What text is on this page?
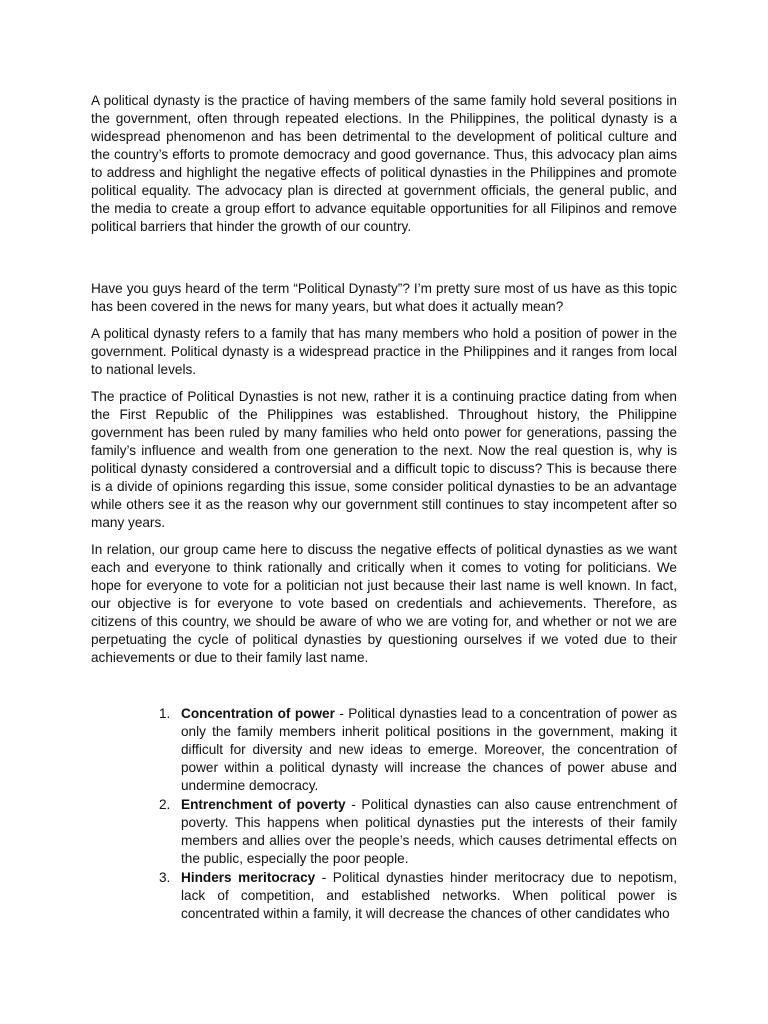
A political dynasty is the practice of having members of the same family hold several positions in the government, often through repeated elections. In the Philippines, the political dynasty is a widespread phenomenon and has been detrimental to the development of political culture and the country’s efforts to promote democracy and good governance. Thus, this advocacy plan aims to address and highlight the negative effects of political dynasties in the Philippines and promote political equality. The advocacy plan is directed at government officials, the general public, and the media to create a group effort to advance equitable opportunities for all Filipinos and remove political barriers that hinder the growth of our country.

Have you guys heard of the term “Political Dynasty”? I’m pretty sure most of us have as this topic has been covered in the news for many years, but what does it actually mean?

A political dynasty refers to a family that has many members who hold a position of power in the government. Political dynasty is a widespread practice in the Philippines and it ranges from local to national levels.

The practice of Political Dynasties is not new, rather it is a continuing practice dating from when the First Republic of the Philippines was established. Throughout history, the Philippine government has been ruled by many families who held onto power for generations, passing the family’s influence and wealth from one generation to the next. Now the real question is, why is political dynasty considered a controversial and a difficult topic to discuss? This is because there is a divide of opinions regarding this issue, some consider political dynasties to be an advantage while others see it as the reason why our government still continues to stay incompetent after so many years.

In relation, our group came here to discuss the negative effects of political dynasties as we want each and everyone to think rationally and critically when it comes to voting for politicians. We hope for everyone to vote for a politician not just because their last name is well known. In fact, our objective is for everyone to vote based on credentials and achievements. Therefore, as citizens of this country, we should be aware of who we are voting for, and whether or not we are perpetuating the cycle of political dynasties by questioning ourselves if we voted due to their achievements or due to their family last name.

1. Concentration of power - Political dynasties lead to a concentration of power as only the family members inherit political positions in the government, making it difficult for diversity and new ideas to emerge. Moreover, the concentration of power within a political dynasty will increase the chances of power abuse and undermine democracy.
2. Entrenchment of poverty - Political dynasties can also cause entrenchment of poverty. This happens when political dynasties put the interests of their family members and allies over the people’s needs, which causes detrimental effects on the public, especially the poor people.
3. Hinders meritocracy - Political dynasties hinder meritocracy due to nepotism, lack of competition, and established networks. When political power is concentrated within a family, it will decrease the chances of other candidates who
